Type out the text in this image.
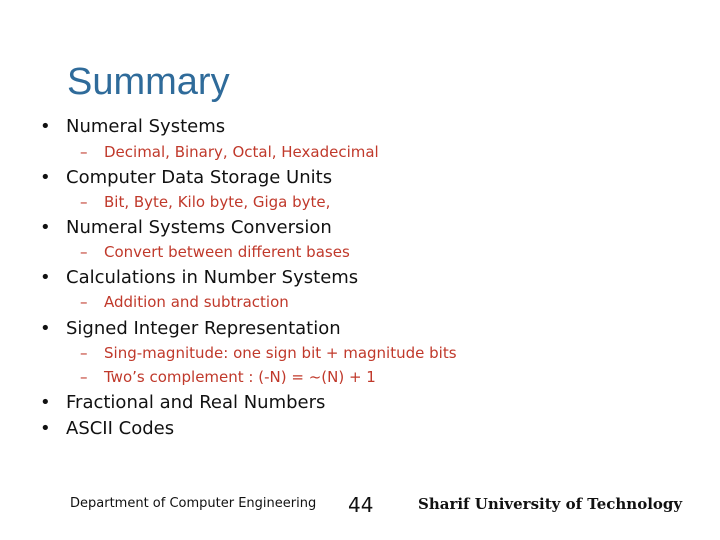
Summary
• Numeral Systems
– Decimal, Binary, Octal, Hexadecimal
• Computer Data Storage Units
– Bit, Byte, Kilo byte, Giga byte,
• Numeral Systems Conversion
– Convert between different bases
• Calculations in Number Systems
– Addition and subtraction
• Signed Integer Representation
– Sing-magnitude: one sign bit + magnitude bits
– Two’s complement : (-N) = ~(N) + 1
• Fractional and Real Numbers
• ASCII Codes
Department of Computer Engineering 44	Sharif University of Technology
